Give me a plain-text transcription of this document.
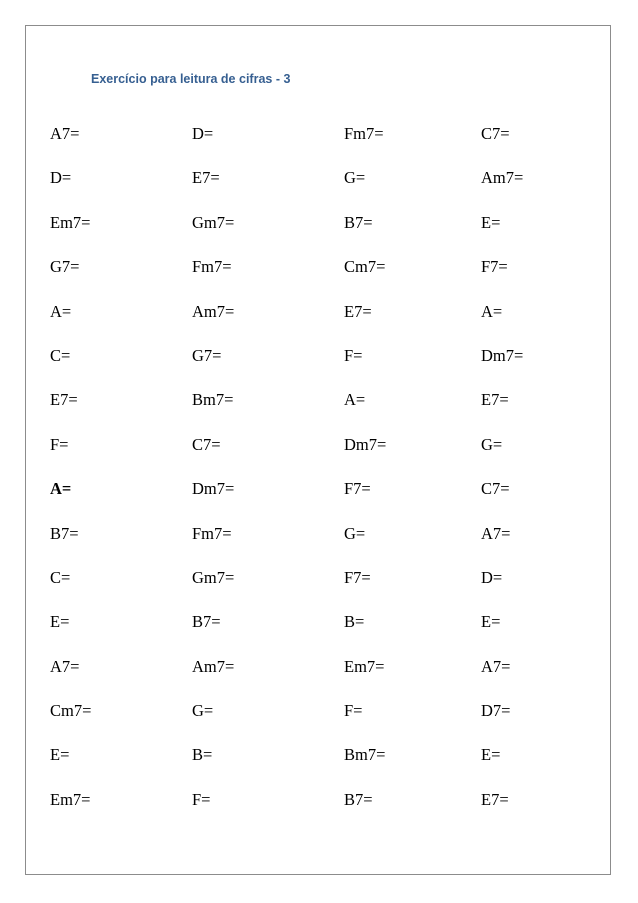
Exercício para leitura de cifras - 3
A7=	D=	Fm7=	C7=
D=	E7=	G=	Am7=
Em7=	Gm7=	B7=	E=
G7=	Fm7=	Cm7=	F7=
A=	Am7=	E7=	A=
C=	G7=	F=	Dm7=
E7=	Bm7=	A=	E7=
F=	C7=	Dm7=	G=
A=	Dm7=	F7=	C7=
B7=	Fm7=	G=	A7=
C=	Gm7=	F7=	D=
E=	B7=	B=	E=
A7=	Am7=	Em7=	A7=
Cm7=	G=	F=	D7=
E=	B=	Bm7=	E=
Em7=	F=	B7=	E7=
